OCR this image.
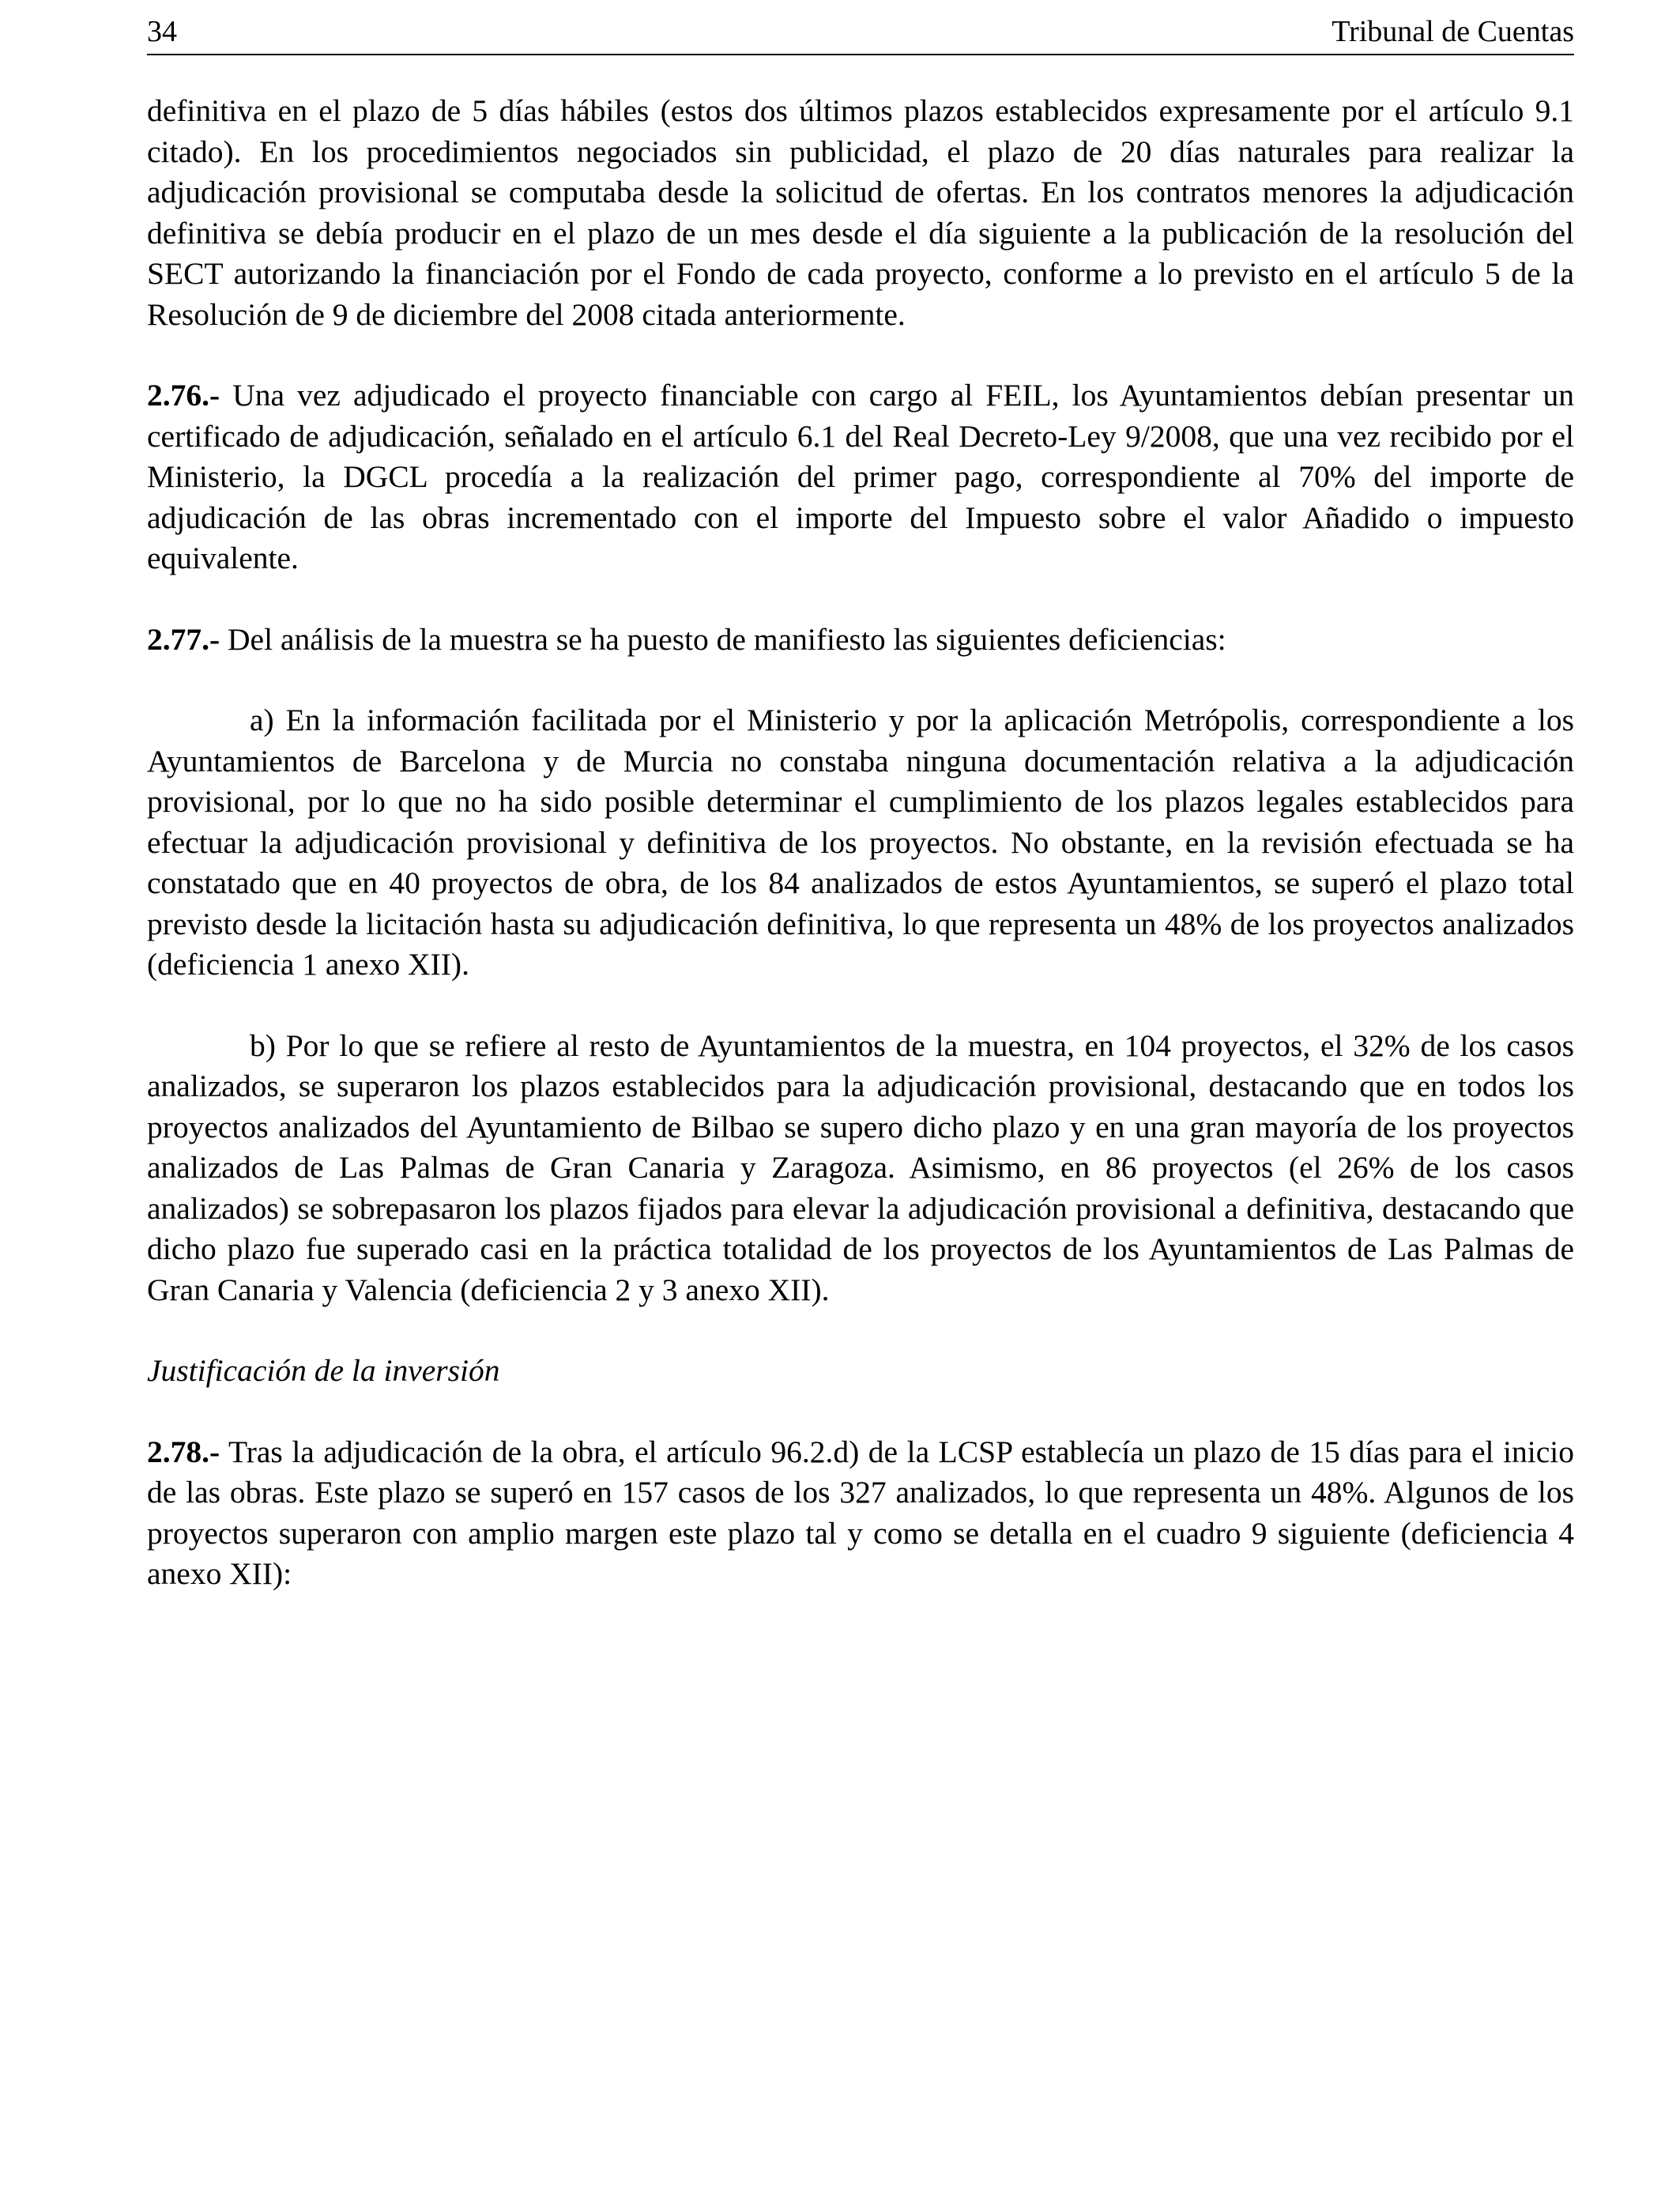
34	Tribunal de Cuentas

definitiva en el plazo de 5 días hábiles (estos dos últimos plazos establecidos expresamente por el artículo 9.1 citado). En los procedimientos negociados sin publicidad, el plazo de 20 días naturales para realizar la adjudicación provisional se computaba desde la solicitud de ofertas. En los contratos menores la adjudicación definitiva se debía producir en el plazo de un mes desde el día siguiente a la publicación de la resolución del SECT autorizando la financiación por el Fondo de cada proyecto, conforme a lo previsto en el artículo 5 de la Resolución de 9 de diciembre del 2008 citada anteriormente.

2.76.- Una vez adjudicado el proyecto financiable con cargo al FEIL, los Ayuntamientos debían presentar un certificado de adjudicación, señalado en el artículo 6.1 del Real Decreto-Ley 9/2008, que una vez recibido por el Ministerio, la DGCL procedía a la realización del primer pago, correspondiente al 70% del importe de adjudicación de las obras incrementado con el importe del Impuesto sobre el valor Añadido o impuesto equivalente.

2.77.- Del análisis de la muestra se ha puesto de manifiesto las siguientes deficiencias:

a) En la información facilitada por el Ministerio y por la aplicación Metrópolis, correspondiente a los Ayuntamientos de Barcelona y de Murcia no constaba ninguna documentación relativa a la adjudicación provisional, por lo que no ha sido posible determinar el cumplimiento de los plazos legales establecidos para efectuar la adjudicación provisional y definitiva de los proyectos. No obstante, en la revisión efectuada se ha constatado que en 40 proyectos de obra, de los 84 analizados de estos Ayuntamientos, se superó el plazo total previsto desde la licitación hasta su adjudicación definitiva, lo que representa un 48% de los proyectos analizados (deficiencia 1 anexo XII).

b) Por lo que se refiere al resto de Ayuntamientos de la muestra, en 104 proyectos, el 32% de los casos analizados, se superaron los plazos establecidos para la adjudicación provisional, destacando que en todos los proyectos analizados del Ayuntamiento de Bilbao se supero dicho plazo y en una gran mayoría de los proyectos analizados de Las Palmas de Gran Canaria y Zaragoza. Asimismo, en 86 proyectos (el 26% de los casos analizados) se sobrepasaron los plazos fijados para elevar la adjudicación provisional a definitiva, destacando que dicho plazo fue superado casi en la práctica totalidad de los proyectos de los Ayuntamientos de Las Palmas de Gran Canaria y Valencia (deficiencia 2 y 3 anexo XII).

Justificación de la inversión

2.78.- Tras la adjudicación de la obra, el artículo 96.2.d) de la LCSP establecía un plazo de 15 días para el inicio de las obras. Este plazo se superó en 157 casos de los 327 analizados, lo que representa un 48%. Algunos de los proyectos superaron con amplio margen este plazo tal y como se detalla en el cuadro 9 siguiente (deficiencia 4 anexo XII):
